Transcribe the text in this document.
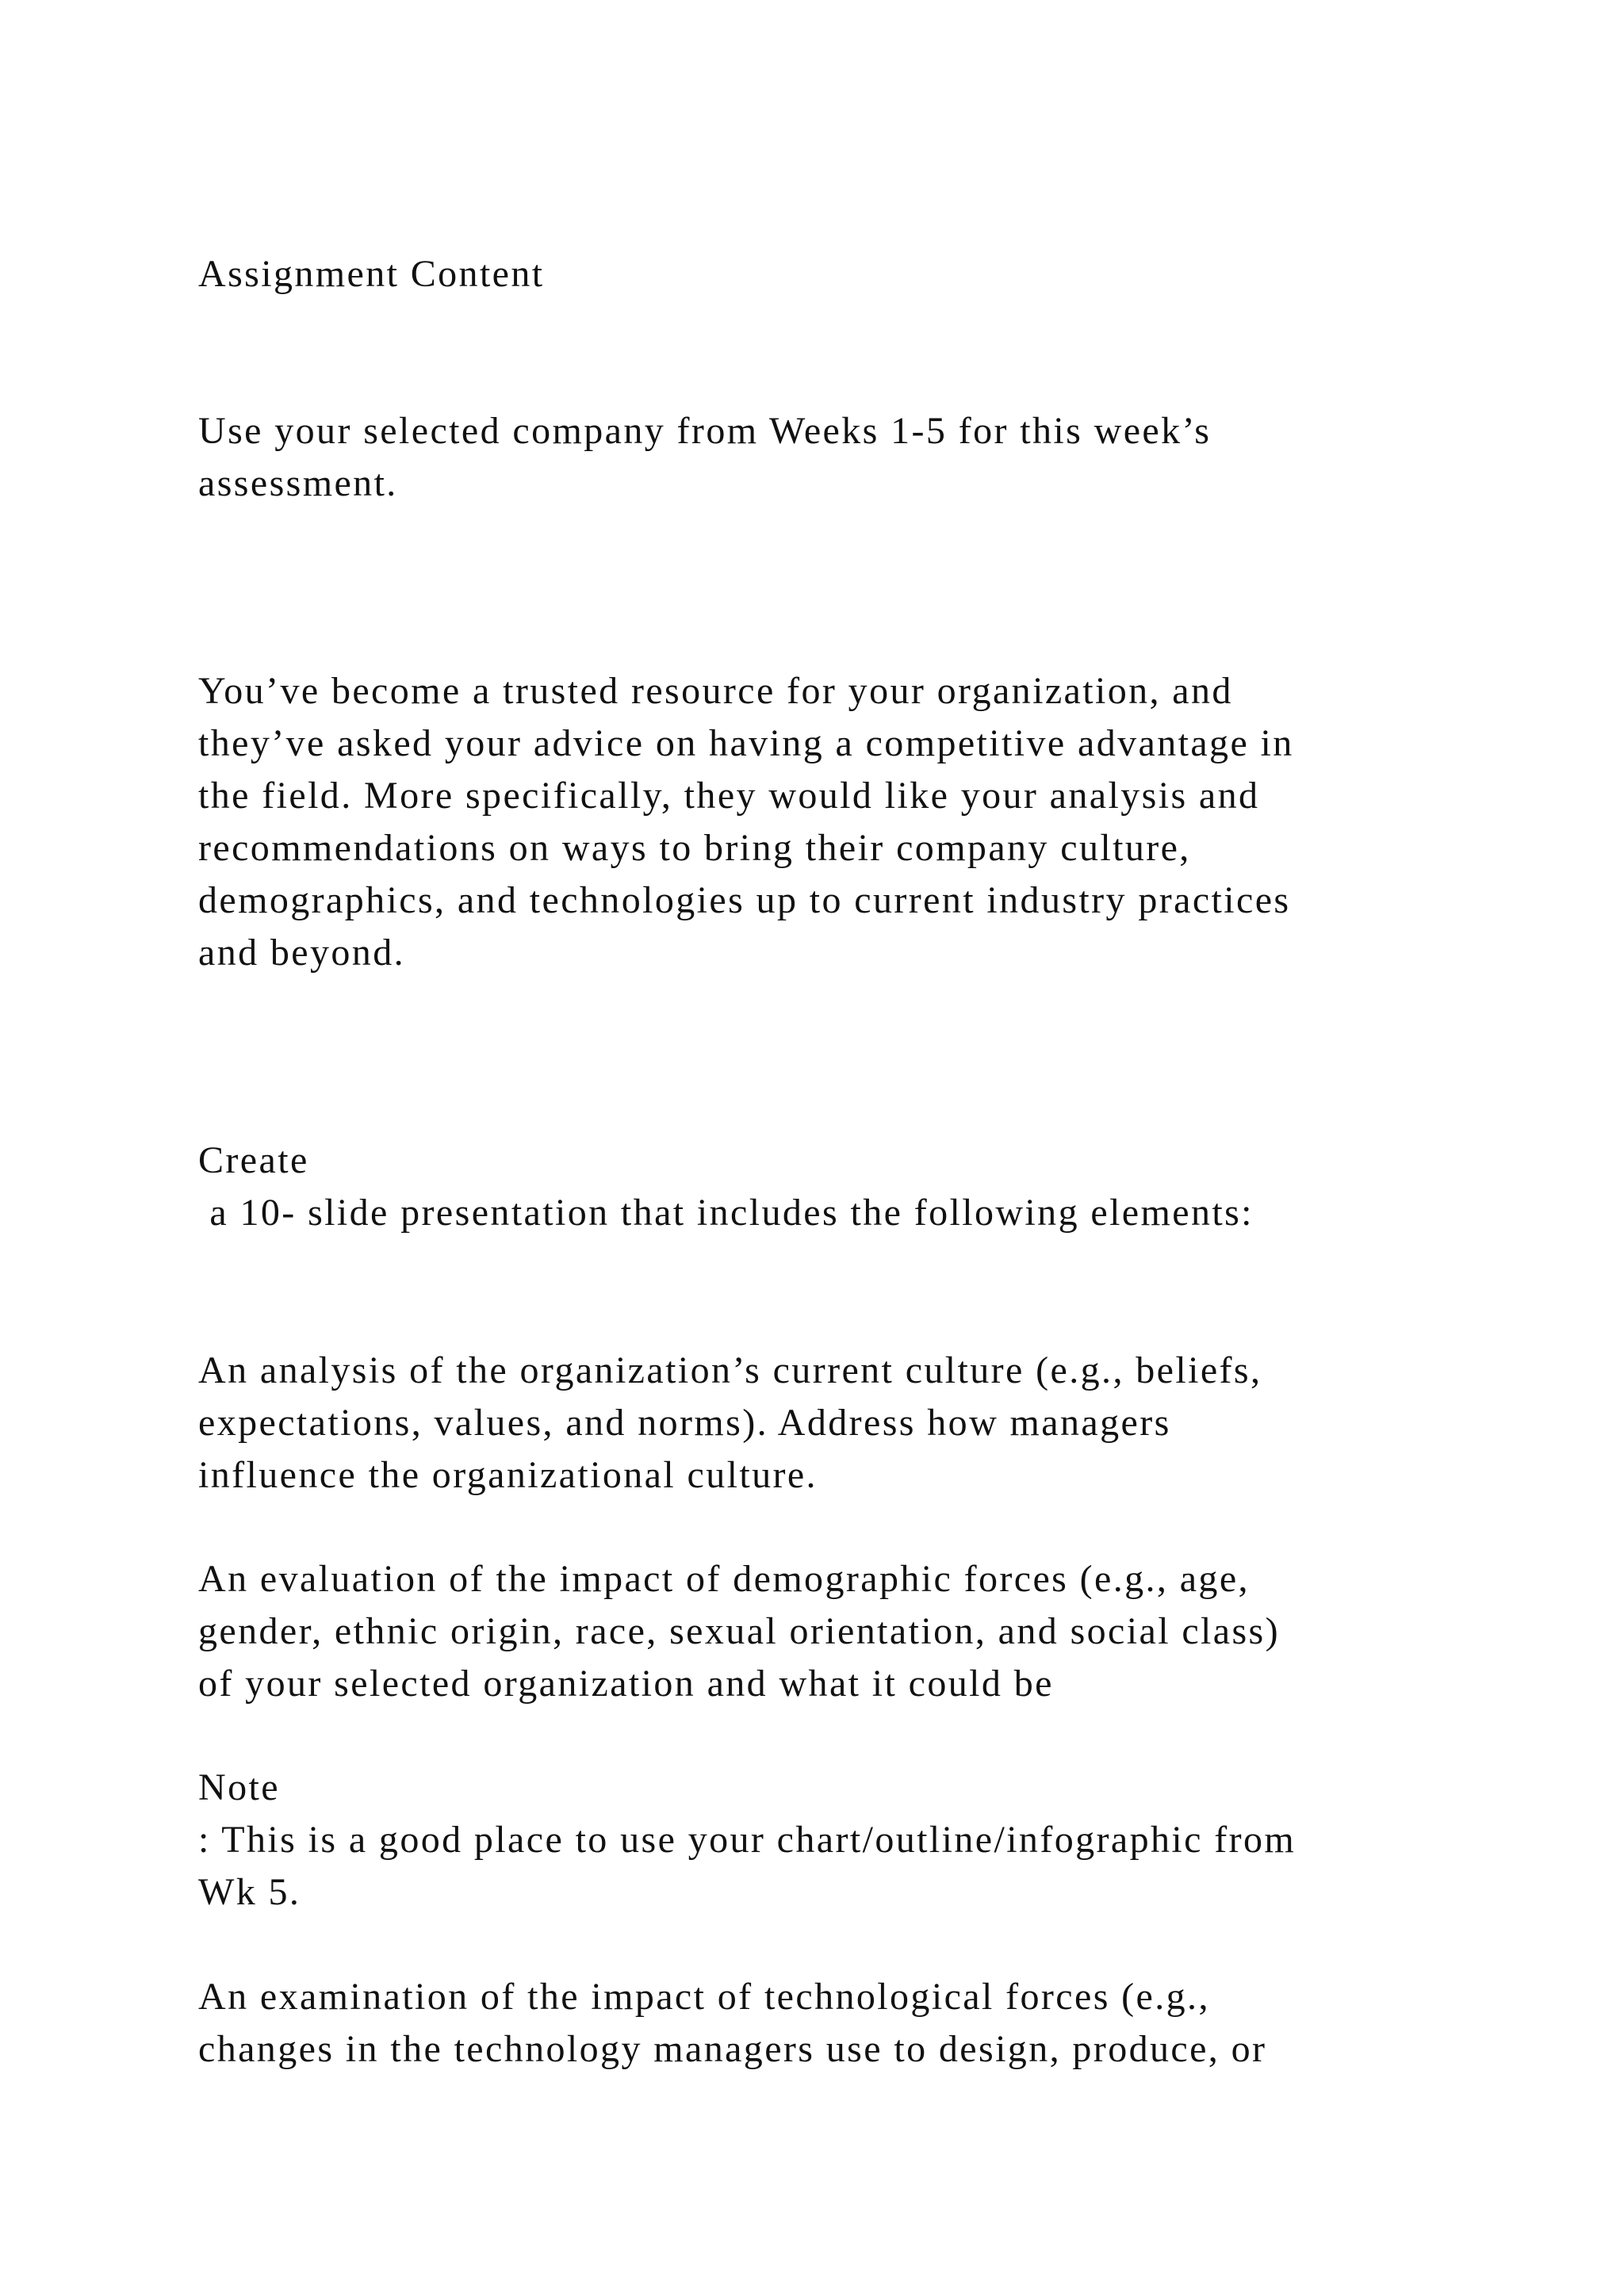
Assignment Content
Use your selected company from Weeks 1-5 for this week’s
assessment.
You’ve become a trusted resource for your organization, and
they’ve asked your advice on having a competitive advantage in
the field. More specifically, they would like your analysis and
recommendations on ways to bring their company culture,
demographics, and technologies up to current industry practices
and beyond.
Create
a 10- slide presentation that includes the following elements:
An analysis of the organization’s current culture (e.g., beliefs,
expectations, values, and norms). Address how managers
influence the organizational culture.
An evaluation of the impact of demographic forces (e.g., age,
gender, ethnic origin, race, sexual orientation, and social class)
of your selected organization and what it could be
Note
: This is a good place to use your chart/outline/infographic from
Wk 5.
An examination of the impact of technological forces (e.g.,
changes in the technology managers use to design, produce, or
